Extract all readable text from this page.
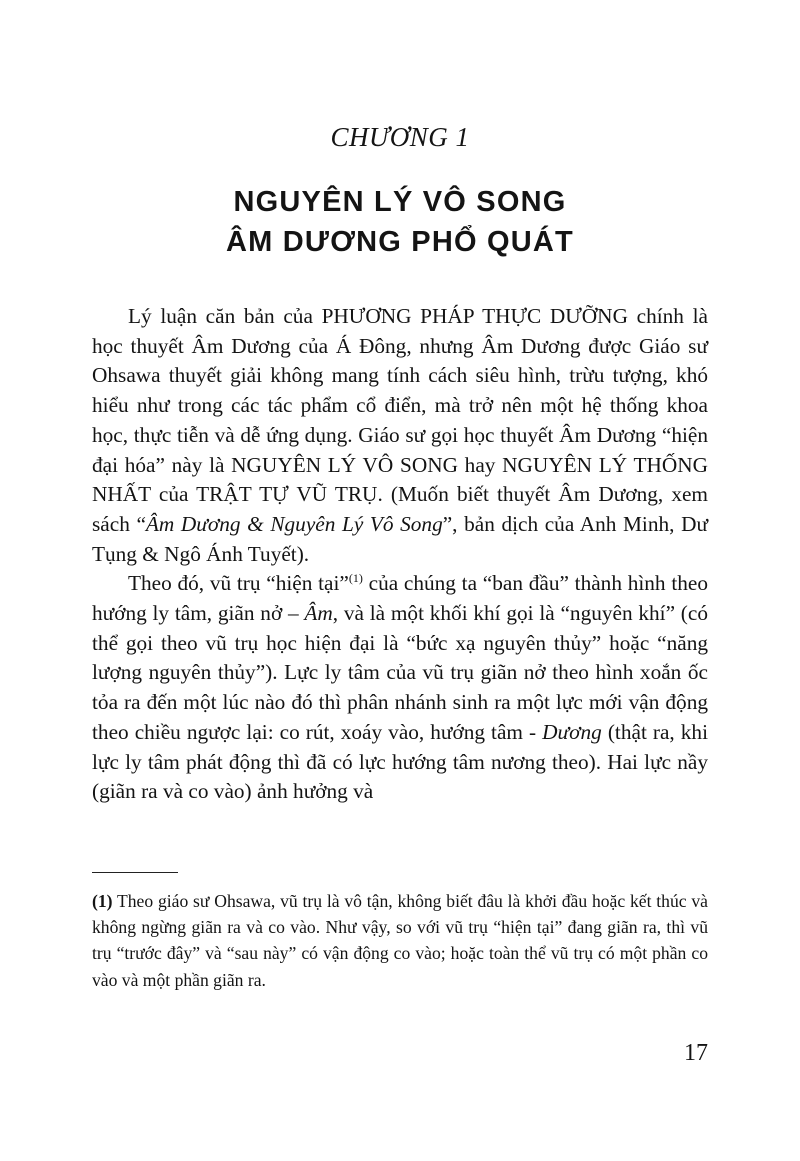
CHƯƠNG 1
NGUYÊN LÝ VÔ SONG
ÂM DƯƠNG PHỔ QUÁT

Lý luận căn bản của PHƯƠNG PHÁP THỰC DƯỠNG chính là học thuyết Âm Dương của Á Đông, nhưng Âm Dương được Giáo sư Ohsawa thuyết giải không mang tính cách siêu hình, trừu tượng, khó hiểu như trong các tác phẩm cổ điển, mà trở nên một hệ thống khoa học, thực tiễn và dễ ứng dụng. Giáo sư gọi học thuyết Âm Dương “hiện đại hóa” này là NGUYÊN LÝ VÔ SONG hay NGUYÊN LÝ THỐNG NHẤT của TRẬT TỰ VŨ TRỤ. (Muốn biết thuyết Âm Dương, xem sách “Âm Dương & Nguyên Lý Vô Song”, bản dịch của Anh Minh, Dư Tụng & Ngô Ánh Tuyết).

Theo đó, vũ trụ “hiện tại”$^{(1)}$ của chúng ta “ban đầu” thành hình theo hướng ly tâm, giãn nở – Âm, và là một khối khí gọi là “nguyên khí” (có thể gọi theo vũ trụ học hiện đại là “bức xạ nguyên thủy” hoặc “năng lượng nguyên thủy”). Lực ly tâm của vũ trụ giãn nở theo hình xoắn ốc tỏa ra đến một lúc nào đó thì phân nhánh sinh ra một lực mới vận động theo chiều ngược lại: co rút, xoáy vào, hướng tâm - Dương (thật ra, khi lực ly tâm phát động thì đã có lực hướng tâm nương theo). Hai lực nầy (giãn ra và co vào) ảnh hưởng và

(1) Theo giáo sư Ohsawa, vũ trụ là vô tận, không biết đâu là khởi đầu hoặc kết thúc và không ngừng giãn ra và co vào. Như vậy, so với vũ trụ “hiện tại” đang giãn ra, thì vũ trụ “trước đây” và “sau này” có vận động co vào; hoặc toàn thể vũ trụ có một phần co vào và một phần giãn ra.

17
